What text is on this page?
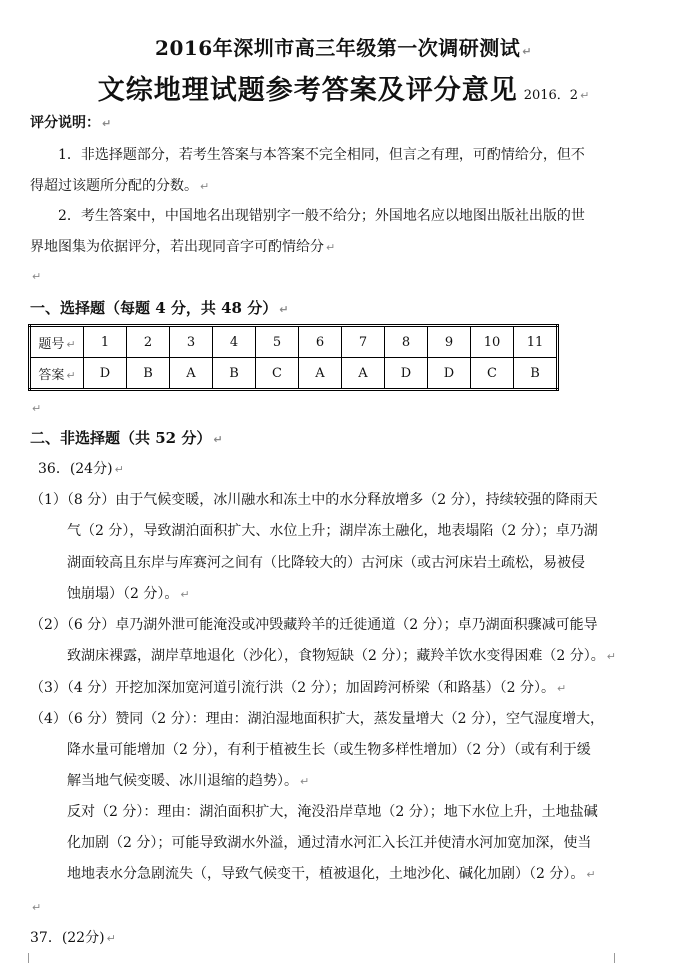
2016年深圳市高三年级第一次调研测试 ↵
文综地理试题参考答案及评分意见 2016．2 ↵
评分说明： ↵
1．非选择题部分，若考生答案与本答案不完全相同，但言之有理，可酌情给分，但不
得超过该题所分配的分数。 ↵
2．考生答案中，中国地名出现错别字一般不给分；外国地名应以地图出版社出版的世
界地图集为依据评分，若出现同音字可酌情给分 ↵
↵
一、选择题（每题 4 分，共 48 分） ↵
题号 ↵	1	2	3	4	5	6	7	8	9	10	11
答案 ↵	D	B	A	B	C	A	A	D	D	C	B
↵
二、非选择题（共 52 分） ↵
36．(24分) ↵
（1）（8 分）由于气候变暖，冰川融水和冻土中的水分释放增多（2 分），持续较强的降雨天
气（2 分），导致湖泊面积扩大、水位上升；湖岸冻土融化，地表塌陷（2 分）；卓乃湖
湖面较高且东岸与库赛河之间有（比降较大的）古河床（或古河床岩土疏松，易被侵
蚀崩塌）（2 分）。 ↵
（2）（6 分）卓乃湖外泄可能淹没或冲毁藏羚羊的迁徙通道（2 分）；卓乃湖面积骤减可能导
致湖床裸露，湖岸草地退化（沙化），食物短缺（2 分）；藏羚羊饮水变得困难（2 分）。 ↵
（3）（4 分）开挖加深加宽河道引流行洪（2 分）；加固跨河桥梁（和路基）（2 分）。 ↵
（4）（6 分）赞同（2 分）：理由：湖泊湿地面积扩大，蒸发量增大（2 分），空气湿度增大，
降水量可能增加（2 分），有利于植被生长（或生物多样性增加）（2 分）（或有利于缓
解当地气候变暖、冰川退缩的趋势）。 ↵
反对（2 分）：理由：湖泊面积扩大，淹没沿岸草地（2 分）；地下水位上升，土地盐碱
化加剧（2 分）；可能导致湖水外溢，通过清水河汇入长江并使清水河加宽加深，使当
地地表水分急剧流失（，导致气候变干，植被退化，土地沙化、碱化加剧）（2 分）。 ↵
↵
37．(22分) ↵
